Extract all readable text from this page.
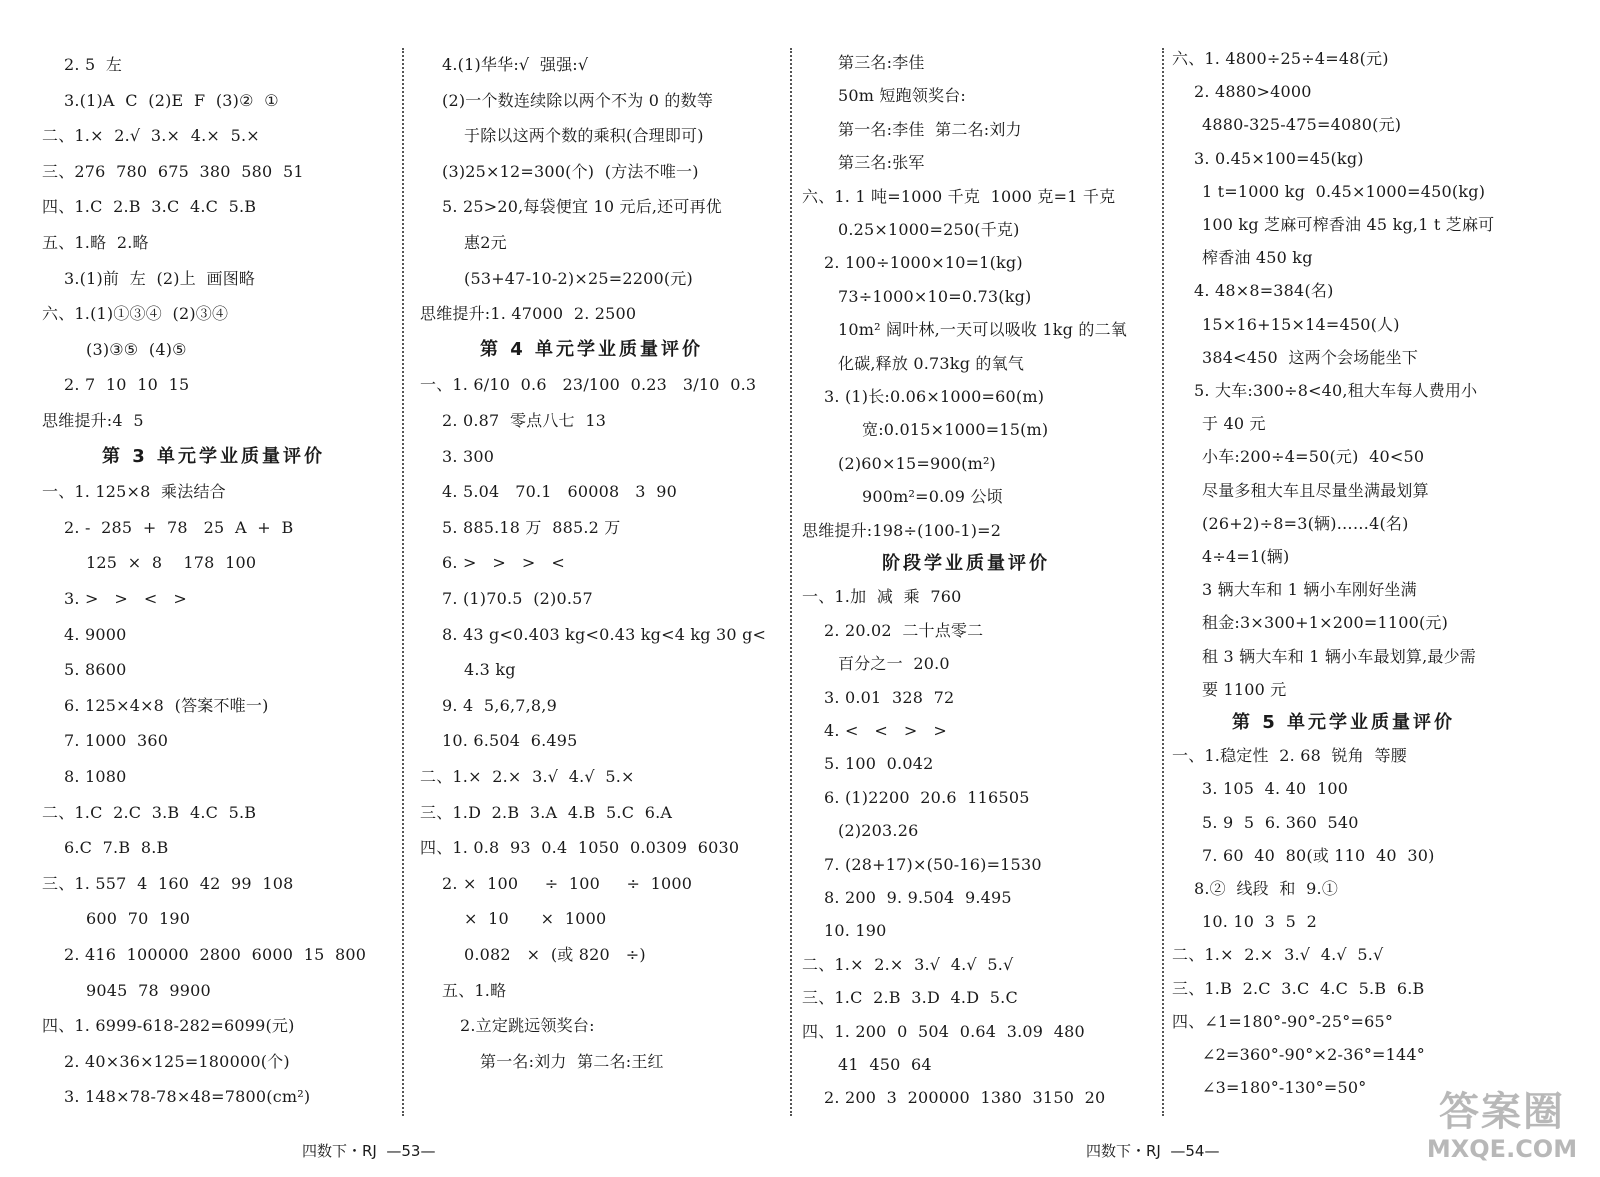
2. 5  左
3.(1)A  C  (2)E  F  (3)②  ①
二、1.×  2.√  3.×  4.×  5.×
三、276  780  675  380  580  51
四、1.C  2.B  3.C  4.C  5.B
五、1.略  2.略
3.(1)前  左  (2)上  画图略
六、1.(1)①③④  (2)③④
(3)③⑤  (4)⑤
2. 7  10  10  15
思维提升:4  5
第 3 单元学业质量评价
一、1. 125×8  乘法结合
2. -  285  +  78   25  A  +  B
125  ×  8    178  100
3. >   >   <   >
4. 9000
5. 8600
6. 125×4×8  (答案不唯一)
7. 1000  360
8. 1080
二、1.C  2.C  3.B  4.C  5.B
6.C  7.B  8.B
三、1. 557  4  160  42  99  108
600  70  190
2. 416  100000  2800  6000  15  800
9045  78  9900
四、1. 6999-618-282=6099(元)
2. 40×36×125=180000(个)
3. 148×78-78×48=7800(cm²)
4.(1)华华:√  强强:√
(2)一个数连续除以两个不为 0 的数等
于除以这两个数的乘积(合理即可)
(3)25×12=300(个)  (方法不唯一)
5. 25>20,每袋便宜 10 元后,还可再优
惠2元
(53+47-10-2)×25=2200(元)
思维提升:1. 47000  2. 2500
第 4 单元学业质量评价
一、1. 6/10  0.6   23/100  0.23   3/10  0.3
2. 0.87  零点八七  13
3. 300
4. 5.04   70.1   60008   3  90
5. 885.18 万  885.2 万
6. >   >   >   <
7. (1)70.5  (2)0.57
8. 43 g<0.403 kg<0.43 kg<4 kg 30 g<
4.3 kg
9. 4  5,6,7,8,9
10. 6.504  6.495
二、1.×  2.×  3.√  4.√  5.×
三、1.D  2.B  3.A  4.B  5.C  6.A
四、1. 0.8  93  0.4  1050  0.0309  6030
2. ×  100     ÷  100     ÷  1000
×  10      ×  1000
0.082   ×  (或 820   ÷)
五、1.略
2.立定跳远领奖台:
第一名:刘力  第二名:王红
第三名:李佳
50m 短跑领奖台:
第一名:李佳  第二名:刘力
第三名:张军
六、1. 1 吨=1000 千克  1000 克=1 千克
0.25×1000=250(千克)
2. 100÷1000×10=1(kg)
73÷1000×10=0.73(kg)
10m² 阔叶林,一天可以吸收 1kg 的二氧
化碳,释放 0.73kg 的氧气
3. (1)长:0.06×1000=60(m)
宽:0.015×1000=15(m)
(2)60×15=900(m²)
900m²=0.09 公顷
思维提升:198÷(100-1)=2
阶段学业质量评价
一、1.加  减  乘  760
2. 20.02  二十点零二
百分之一  20.0
3. 0.01  328  72
4. <   <   >   >
5. 100  0.042
6. (1)2200  20.6  116505
(2)203.26
7. (28+17)×(50-16)=1530
8. 200  9. 9.504  9.495
10. 190
二、1.×  2.×  3.√  4.√  5.√
三、1.C  2.B  3.D  4.D  5.C
四、1. 200  0  504  0.64  3.09  480
41  450  64
2. 200  3  200000  1380  3150  20
六、1. 4800÷25÷4=48(元)
2. 4880>4000
4880-325-475=4080(元)
3. 0.45×100=45(kg)
1 t=1000 kg  0.45×1000=450(kg)
100 kg 芝麻可榨香油 45 kg,1 t 芝麻可
榨香油 450 kg
4. 48×8=384(名)
15×16+15×14=450(人)
384<450  这两个会场能坐下
5. 大车:300÷8<40,租大车每人费用小
于 40 元
小车:200÷4=50(元)  40<50
尽量多租大车且尽量坐满最划算
(26+2)÷8=3(辆)……4(名)
4÷4=1(辆)
3 辆大车和 1 辆小车刚好坐满
租金:3×300+1×200=1100(元)
租 3 辆大车和 1 辆小车最划算,最少需
要 1100 元
第 5 单元学业质量评价
一、1.稳定性  2. 68  锐角  等腰
3. 105  4. 40  100
5. 9  5  6. 360  540
7. 60  40  80(或 110  40  30)
8.②  线段  和  9.①
10. 10  3  5  2
二、1.×  2.×  3.√  4.√  5.√
三、1.B  2.C  3.C  4.C  5.B  6.B
四、∠1=180°-90°-25°=65°
∠2=360°-90°×2-36°=144°
∠3=180°-130°=50°
四数下・RJ  —53—	四数下・RJ  —54—
答案圈
MXQE.COM
